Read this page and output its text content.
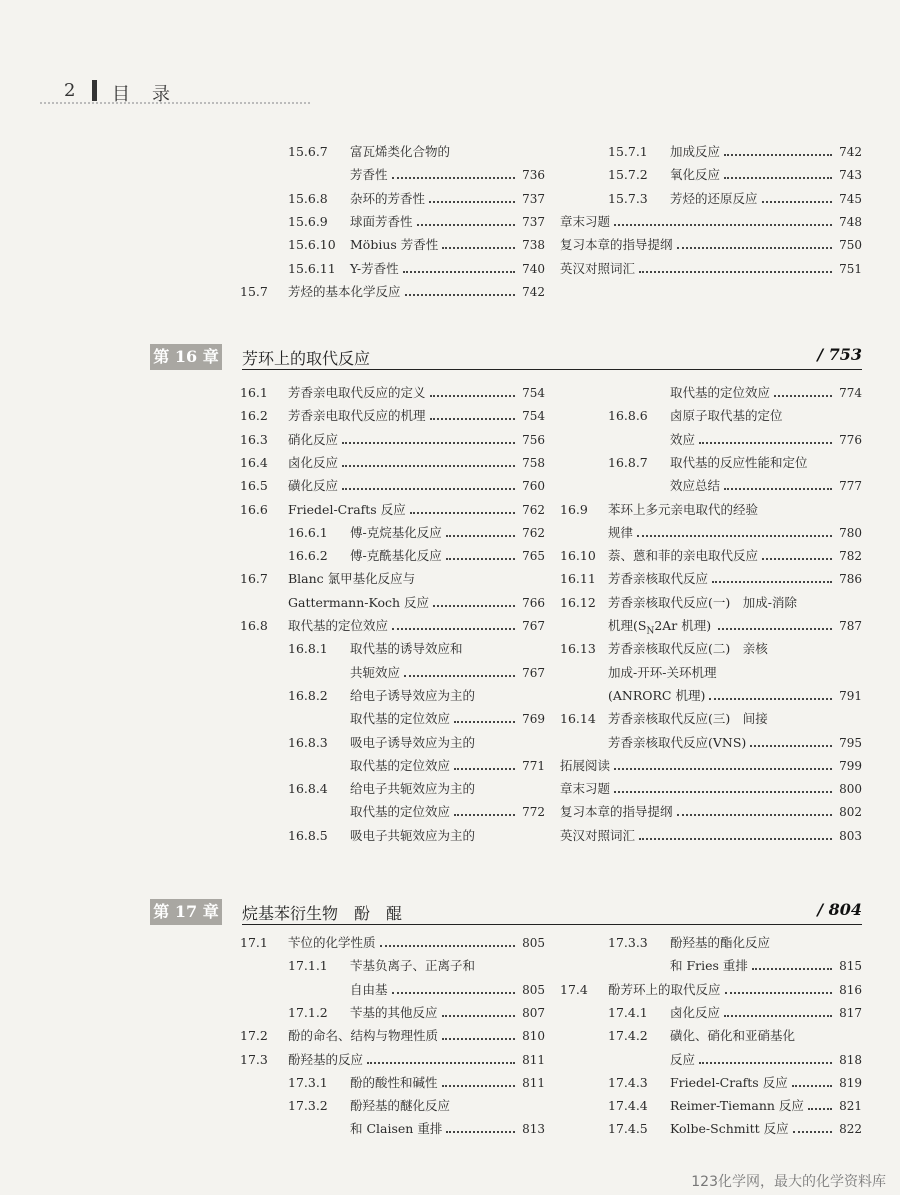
2 目录
15.6.7 富瓦烯类化合物的
芳香性	736
15.6.8 杂环的芳香性	737
15.6.9 球面芳香性	737
15.6.10 Möbius 芳香性	738
15.6.11 Y-芳香性	740
15.7 芳烃的基本化学反应	742
15.7.1 加成反应	742
15.7.2 氧化反应	743
15.7.3 芳烃的还原反应	745
章末习题	748
复习本章的指导提纲	750
英汉对照词汇	751
第 16 章 芳环上的取代反应	/ 753
16.1 芳香亲电取代反应的定义	754
16.2 芳香亲电取代反应的机理	754
16.3 硝化反应	756
16.4 卤化反应	758
16.5 磺化反应	760
16.6 Friedel-Crafts 反应	762
16.6.1 傅-克烷基化反应	762
16.6.2 傅-克酰基化反应	765
16.7 Blanc 氯甲基化反应与
Gattermann-Koch 反应	766
16.8 取代基的定位效应	767
16.8.1 取代基的诱导效应和
共轭效应	767
16.8.2 给电子诱导效应为主的
取代基的定位效应	769
16.8.3 吸电子诱导效应为主的
取代基的定位效应	771
16.8.4 给电子共轭效应为主的
取代基的定位效应	772
16.8.5 吸电子共轭效应为主的
取代基的定位效应	774
16.8.6 卤原子取代基的定位
效应	776
16.8.7 取代基的反应性能和定位
效应总结	777
16.9 苯环上多元亲电取代的经验
规律	780
16.10 萘、蒽和菲的亲电取代反应	782
16.11 芳香亲核取代反应	786
16.12 芳香亲核取代反应(一)　加成-消除
机理($S_N2Ar$ 机理)	787
16.13 芳香亲核取代反应(二)　亲核
加成-开环-关环机理
(ANRORC 机理)	791
16.14 芳香亲核取代反应(三)　间接
芳香亲核取代反应(VNS)	795
拓展阅读	799
章末习题	800
复习本章的指导提纲	802
英汉对照词汇	803
第 17 章 烷基苯衍生物　酚　醌	/ 804
17.1 苄位的化学性质	805
17.1.1 苄基负离子、正离子和
自由基	805
17.1.2 苄基的其他反应	807
17.2 酚的命名、结构与物理性质	810
17.3 酚羟基的反应	811
17.3.1 酚的酸性和碱性	811
17.3.2 酚羟基的醚化反应
和 Claisen 重排	813
17.3.3 酚羟基的酯化反应
和 Fries 重排	815
17.4 酚芳环上的取代反应	816
17.4.1 卤化反应	817
17.4.2 磺化、硝化和亚硝基化
反应	818
17.4.3 Friedel-Crafts 反应	819
17.4.4 Reimer-Tiemann 反应	821
17.4.5 Kolbe-Schmitt 反应	822
123化学网，最大的化学资料库
